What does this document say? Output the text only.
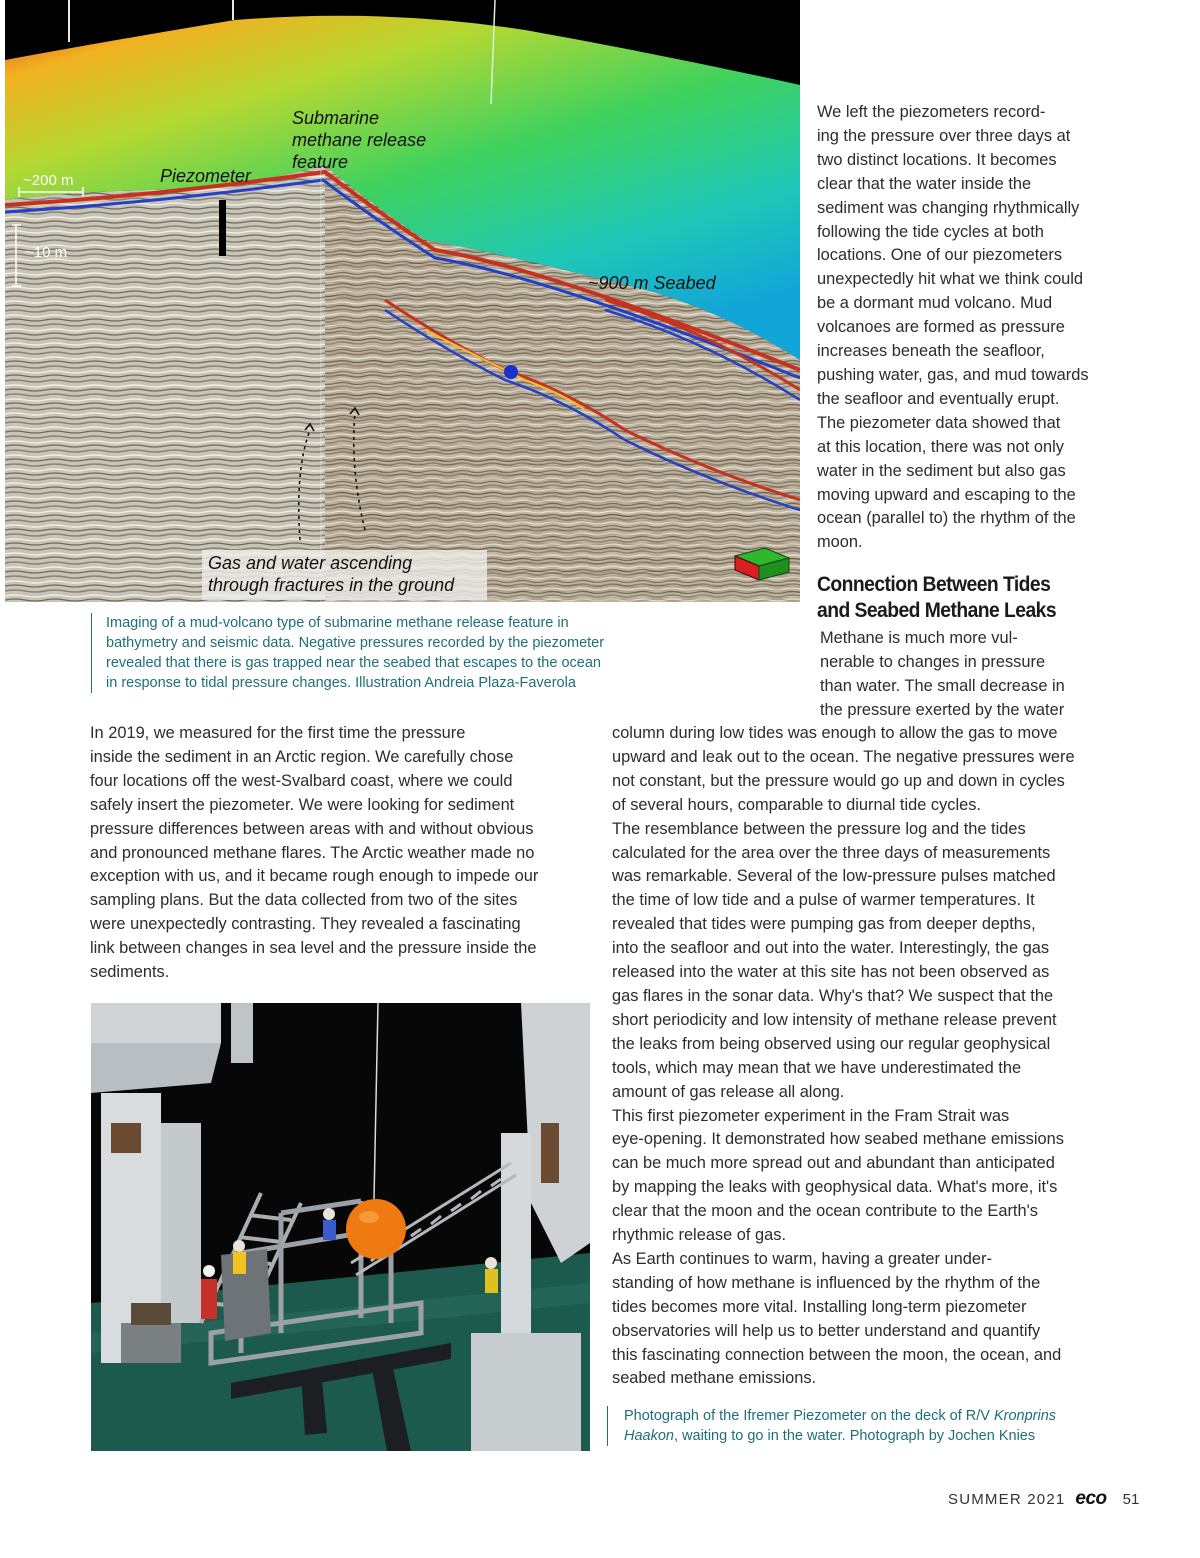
Submarine
methane release
feature
Piezometer
~900 m Seabed
~200 m
~10 m
Gas and water ascending
through fractures in the ground
Imaging of a mud-volcano type of submarine methane release feature in
bathymetry and seismic data. Negative pressures recorded by the piezometer
revealed that there is gas trapped near the seabed that escapes to the ocean
in response to tidal pressure changes. Illustration Andreia Plaza-Faverola
We left the piezometers record-
ing the pressure over three days at
two distinct locations. It becomes
clear that the water inside the
sediment was changing rhythmically
following the tide cycles at both
locations. One of our piezometers
unexpectedly hit what we think could
be a dormant mud volcano. Mud
volcanoes are formed as pressure
increases beneath the seafloor,
pushing water, gas, and mud towards
the seafloor and eventually erupt.
The piezometer data showed that
at this location, there was not only
water in the sediment but also gas
moving upward and escaping to the
ocean (parallel to) the rhythm of the
moon.
Connection Between Tides
and Seabed Methane Leaks
Methane is much more vul-
nerable to changes in pressure
than water. The small decrease in
the pressure exerted by the water
In 2019, we measured for the first time the pressure
inside the sediment in an Arctic region. We carefully chose
four locations off the west-Svalbard coast, where we could
safely insert the piezometer. We were looking for sediment
pressure differences between areas with and without obvious
and pronounced methane flares. The Arctic weather made no
exception with us, and it became rough enough to impede our
sampling plans. But the data collected from two of the sites
were unexpectedly contrasting. They revealed a fascinating
link between changes in sea level and the pressure inside the
sediments.
column during low tides was enough to allow the gas to move
upward and leak out to the ocean. The negative pressures were
not constant, but the pressure would go up and down in cycles
of several hours, comparable to diurnal tide cycles.
The resemblance between the pressure log and the tides
calculated for the area over the three days of measurements
was remarkable. Several of the low-pressure pulses matched
the time of low tide and a pulse of warmer temperatures. It
revealed that tides were pumping gas from deeper depths,
into the seafloor and out into the water. Interestingly, the gas
released into the water at this site has not been observed as
gas flares in the sonar data. Why's that? We suspect that the
short periodicity and low intensity of methane release prevent
the leaks from being observed using our regular geophysical
tools, which may mean that we have underestimated the
amount of gas release all along.
This first piezometer experiment in the Fram Strait was
eye-opening. It demonstrated how seabed methane emissions
can be much more spread out and abundant than anticipated
by mapping the leaks with geophysical data. What's more, it's
clear that the moon and the ocean contribute to the Earth's
rhythmic release of gas.
As Earth continues to warm, having a greater under-
standing of how methane is influenced by the rhythm of the
tides becomes more vital. Installing long-term piezometer
observatories will help us to better understand and quantify
this fascinating connection between the moon, the ocean, and
seabed methane emissions.
Photograph of the Ifremer Piezometer on the deck of R/V Kronprins
Haakon, waiting to go in the water. Photograph by Jochen Knies
SUMMER 2021 eco 51
